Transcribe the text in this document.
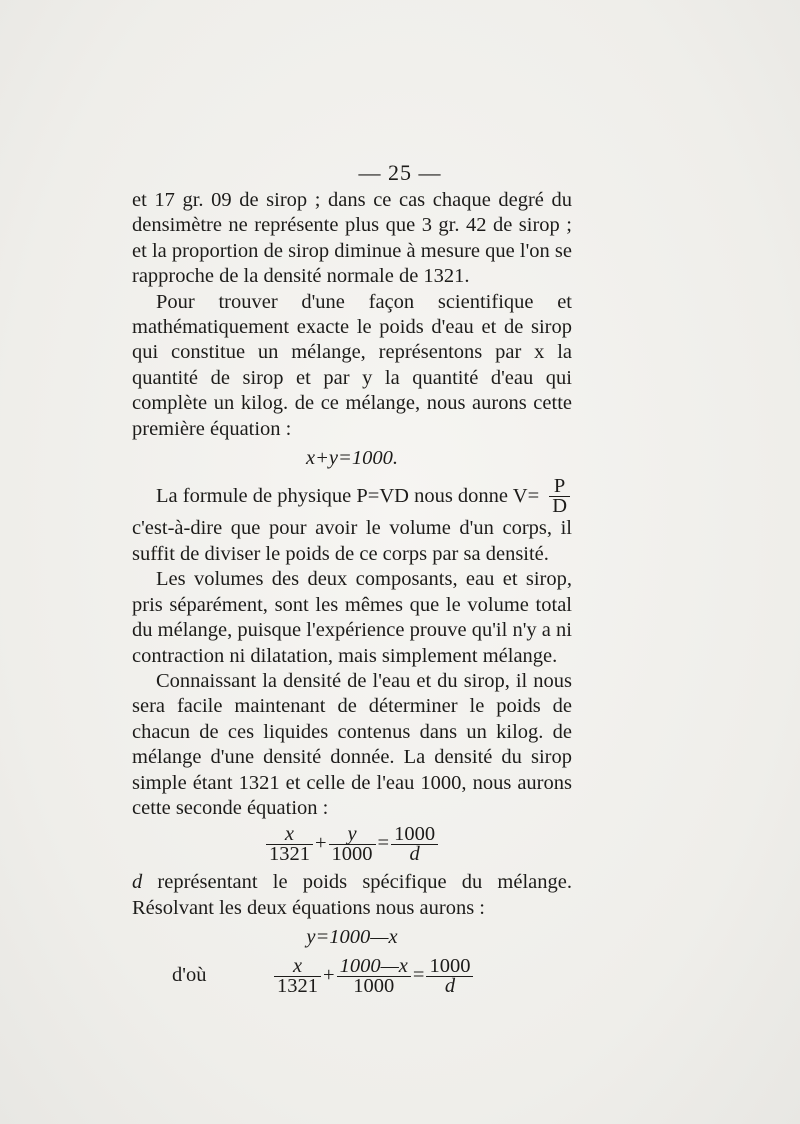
— 25 —

et 17 gr. 09 de sirop ; dans ce cas chaque degré du densimètre ne représente plus que 3 gr. 42 de sirop ; et la proportion de sirop diminue à mesure que l'on se rapproche de la densité normale de 1321.

Pour trouver d'une façon scientifique et mathématiquement exacte le poids d'eau et de sirop qui constitue un mélange, représentons par x la quantité de sirop et par y la quantité d'eau qui complète un kilog. de ce mélange, nous aurons cette première équation :

x+y=1000.
La formule de physique P=VD nous donne $V= \frac{P}{D}$

c'est-à-dire que pour avoir le volume d'un corps, il suffit de diviser le poids de ce corps par sa densité.

Les volumes des deux composants, eau et sirop, pris séparément, sont les mêmes que le volume total du mélange, puisque l'expérience prouve qu'il n'y a ni contraction ni dilatation, mais simplement mélange.

Connaissant la densité de l'eau et du sirop, il nous sera facile maintenant de déterminer le poids de chacun de ces liquides contenus dans un kilog. de mélange d'une densité donnée. La densité du sirop simple étant 1321 et celle de l'eau 1000, nous aurons cette seconde équation :

$\frac{x}{1321} + \frac{y}{1000} = \frac{1000}{d}$

d représentant le poids spécifique du mélange. Résolvant les deux équations nous aurons :

y=1000—x
d'où	$\frac{x}{1321} + \frac{1000—x}{1000} = \frac{1000}{d}$
